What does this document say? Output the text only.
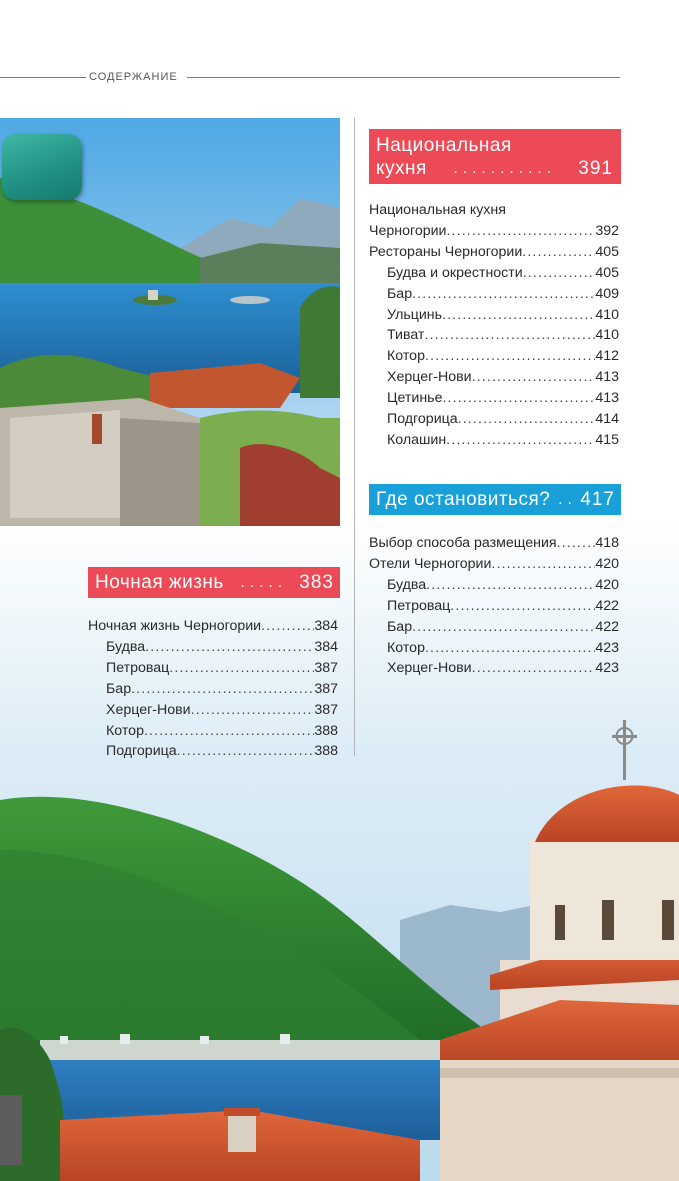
СОДЕРЖАНИЕ
Национальная
кухня	. . . . . . . . . . .	391
Национальная кухня
Черногории . . .	392
Рестораны Черногории . . .	405
Будва и окрестности . . .	405
Бар . . .	409
Ульцинь . . .	410
Тиват . . .	410
Котор . . .	412
Херцег-Нови . . .	413
Цетинье . . .	413
Подгорица . . .	414
Колашин . . .	415
Где остановиться? . . 417
Выбор способа размещения . . .	418
Отели Черногории . . .	420
Будва . . .	420
Петровац . . .	422
Бар . . .	422
Котор . . .	423
Херцег-Нови . . .	423
Ночная жизнь	. . . . . 383
Ночная жизнь Черногории . . .	384
Будва . . .	384
Петровац . . .	387
Бар . . .	387
Херцег-Нови . . .	387
Котор . . .	388
Подгорица . . .	388
